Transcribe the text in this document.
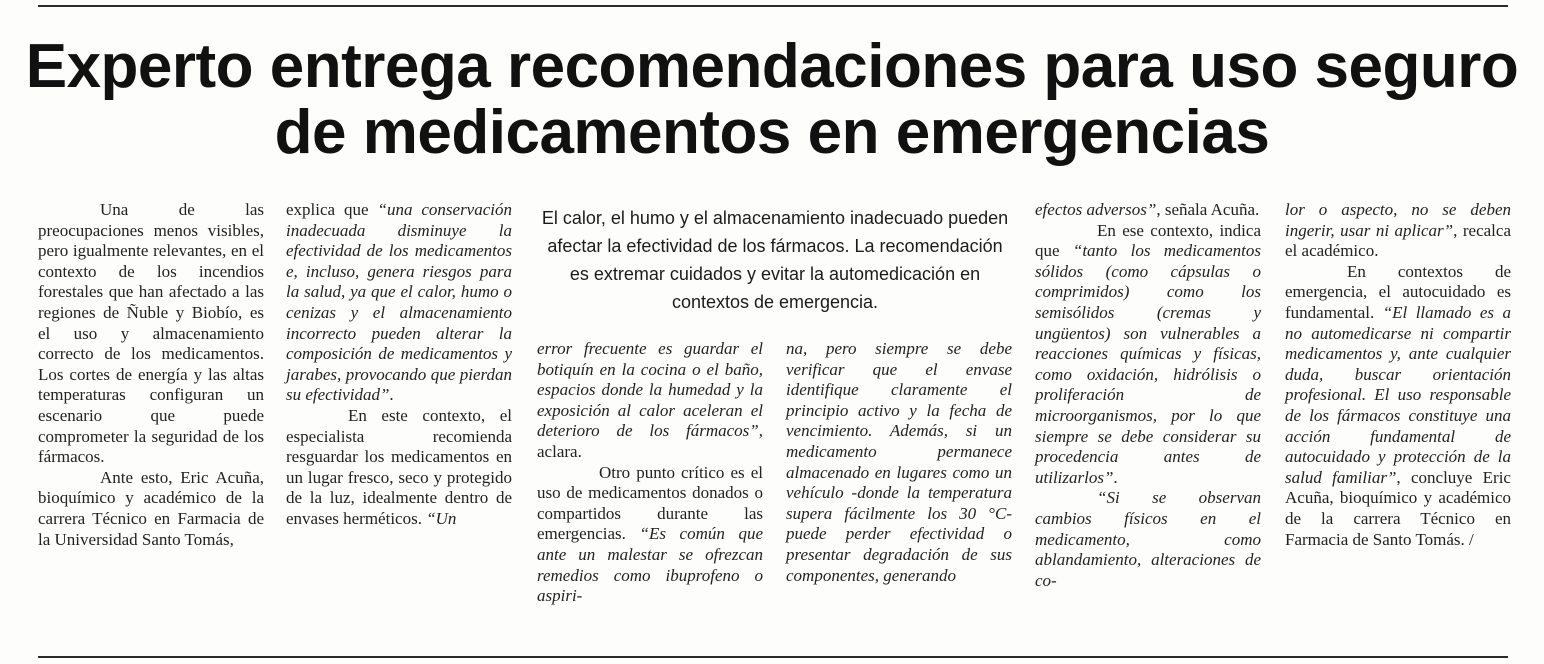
Experto entrega recomendaciones para uso seguro de medicamentos en emergencias

Una de las preocupaciones menos visibles, pero igualmente relevantes, en el contexto de los incendios forestales que han afectado a las regiones de Ñuble y Biobío, es el uso y almacenamiento correcto de los medicamentos. Los cortes de energía y las altas temperaturas configuran un escenario que puede comprometer la seguridad de los fármacos.

Ante esto, Eric Acuña, bioquímico y académico de la carrera Técnico en Farmacia de la Universidad Santo Tomás,

explica que “una conservación inadecuada disminuye la efectividad de los medicamentos e, incluso, genera riesgos para la salud, ya que el calor, humo o cenizas y el almacenamiento incorrecto pueden alterar la composición de medicamentos y jarabes, provocando que pierdan su efectividad”.

En este contexto, el especialista recomienda resguardar los medicamentos en un lugar fresco, seco y protegido de la luz, idealmente dentro de envases herméticos. “Un

El calor, el humo y el almacenamiento inadecuado pueden afectar la efectividad de los fármacos. La recomendación es extremar cuidados y evitar la automedicación en contextos de emergencia.

error frecuente es guardar el botiquín en la cocina o el baño, espacios donde la humedad y la exposición al calor aceleran el deterioro de los fármacos”, aclara.

Otro punto crítico es el uso de medicamentos donados o compartidos durante las emergencias. “Es común que ante un malestar se ofrezcan remedios como ibuprofeno o aspiri-

na, pero siempre se debe verificar que el envase identifique claramente el principio activo y la fecha de vencimiento. Además, si un medicamento permanece almacenado en lugares como un vehículo -donde la temperatura supera fácilmente los 30 °C- puede perder efectividad o presentar degradación de sus componentes, generando

efectos adversos”, señala Acuña.

En ese contexto, indica que “tanto los medicamentos sólidos (como cápsulas o comprimidos) como los semisólidos (cremas y ungüentos) son vulnerables a reacciones químicas y físicas, como oxidación, hidrólisis o proliferación de microorganismos, por lo que siempre se debe considerar su procedencia antes de utilizarlos”.

“Si se observan cambios físicos en el medicamento, como ablandamiento, alteraciones de co-

lor o aspecto, no se deben ingerir, usar ni aplicar”, recalca el académico.

En contextos de emergencia, el autocuidado es fundamental. “El llamado es a no automedicarse ni compartir medicamentos y, ante cualquier duda, buscar orientación profesional. El uso responsable de los fármacos constituye una acción fundamental de autocuidado y protección de la salud familiar”, concluye Eric Acuña, bioquímico y académico de la carrera Técnico en Farmacia de Santo Tomás. /
